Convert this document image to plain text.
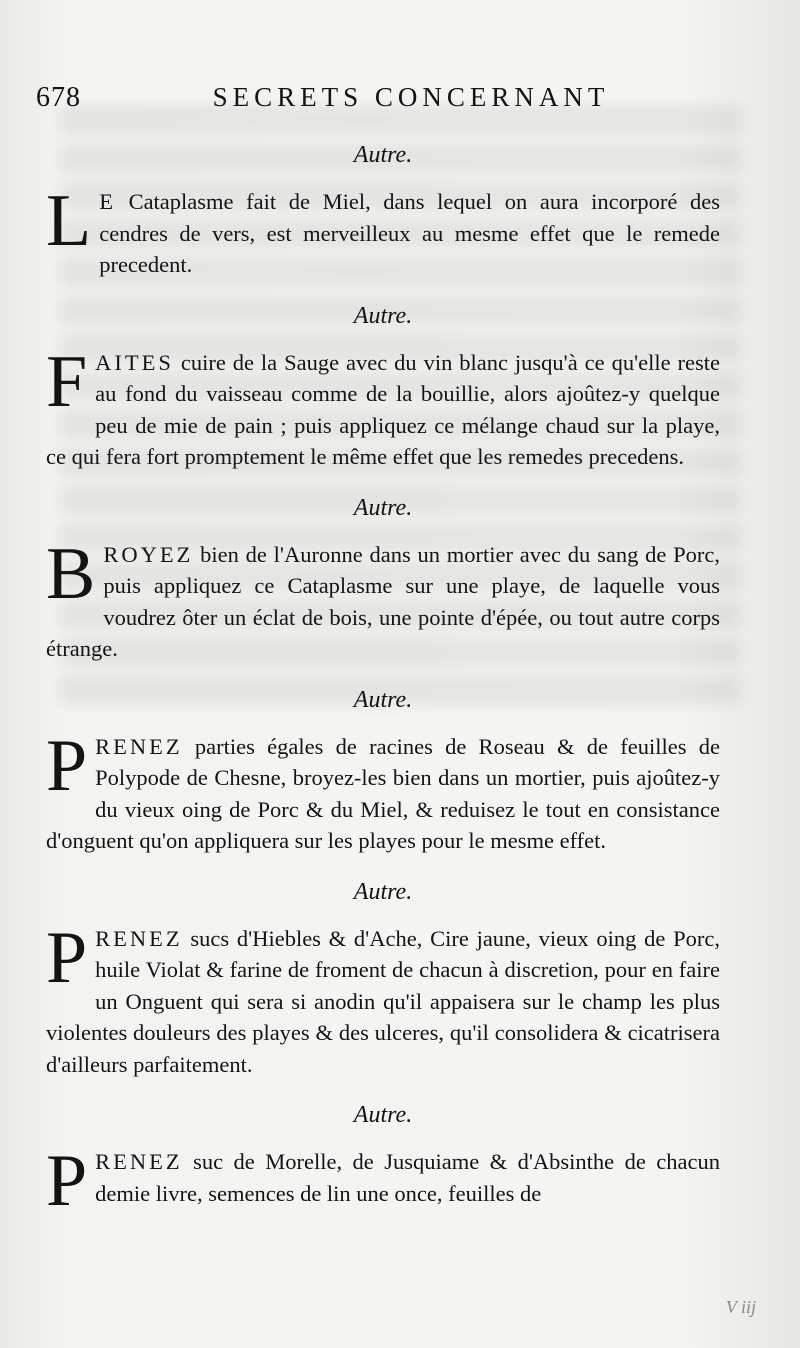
678	SECRETS CONCERNANT
Autre.

L E Cataplasme fait de Miel, dans lequel on aura incorporé des cendres de vers, est merveilleux au mesme effet que le remede precedent.

Autre.

F AITES cuire de la Sauge avec du vin blanc jusqu'à ce qu'elle reste au fond du vaisseau comme de la bouillie, alors ajoûtez-y quelque peu de mie de pain ; puis appliquez ce mélange chaud sur la playe, ce qui fera fort promptement le même effet que les remedes precedens.

Autre.

B ROYEZ bien de l'Auronne dans un mortier avec du sang de Porc, puis appliquez ce Cataplasme sur une playe, de laquelle vous voudrez ôter un éclat de bois, une pointe d'épée, ou tout autre corps étrange.

Autre.

P RENEZ parties égales de racines de Roseau & de feuilles de Polypode de Chesne, broyez-les bien dans un mortier, puis ajoûtez-y du vieux oing de Porc & du Miel, & reduisez le tout en consistance d'onguent qu'on appliquera sur les playes pour le mesme effet.

Autre.

P RENEZ sucs d'Hiebles & d'Ache, Cire jaune, vieux oing de Porc, huile Violat & farine de froment de chacun à discretion, pour en faire un Onguent qui sera si anodin qu'il appaisera sur le champ les plus violentes douleurs des playes & des ulceres, qu'il consolidera & cicatrisera d'ailleurs parfaitement.

Autre.

P RENEZ suc de Morelle, de Jusquiame & d'Absinthe de chacun demie livre, semences de lin une once, feuilles de

V iij
